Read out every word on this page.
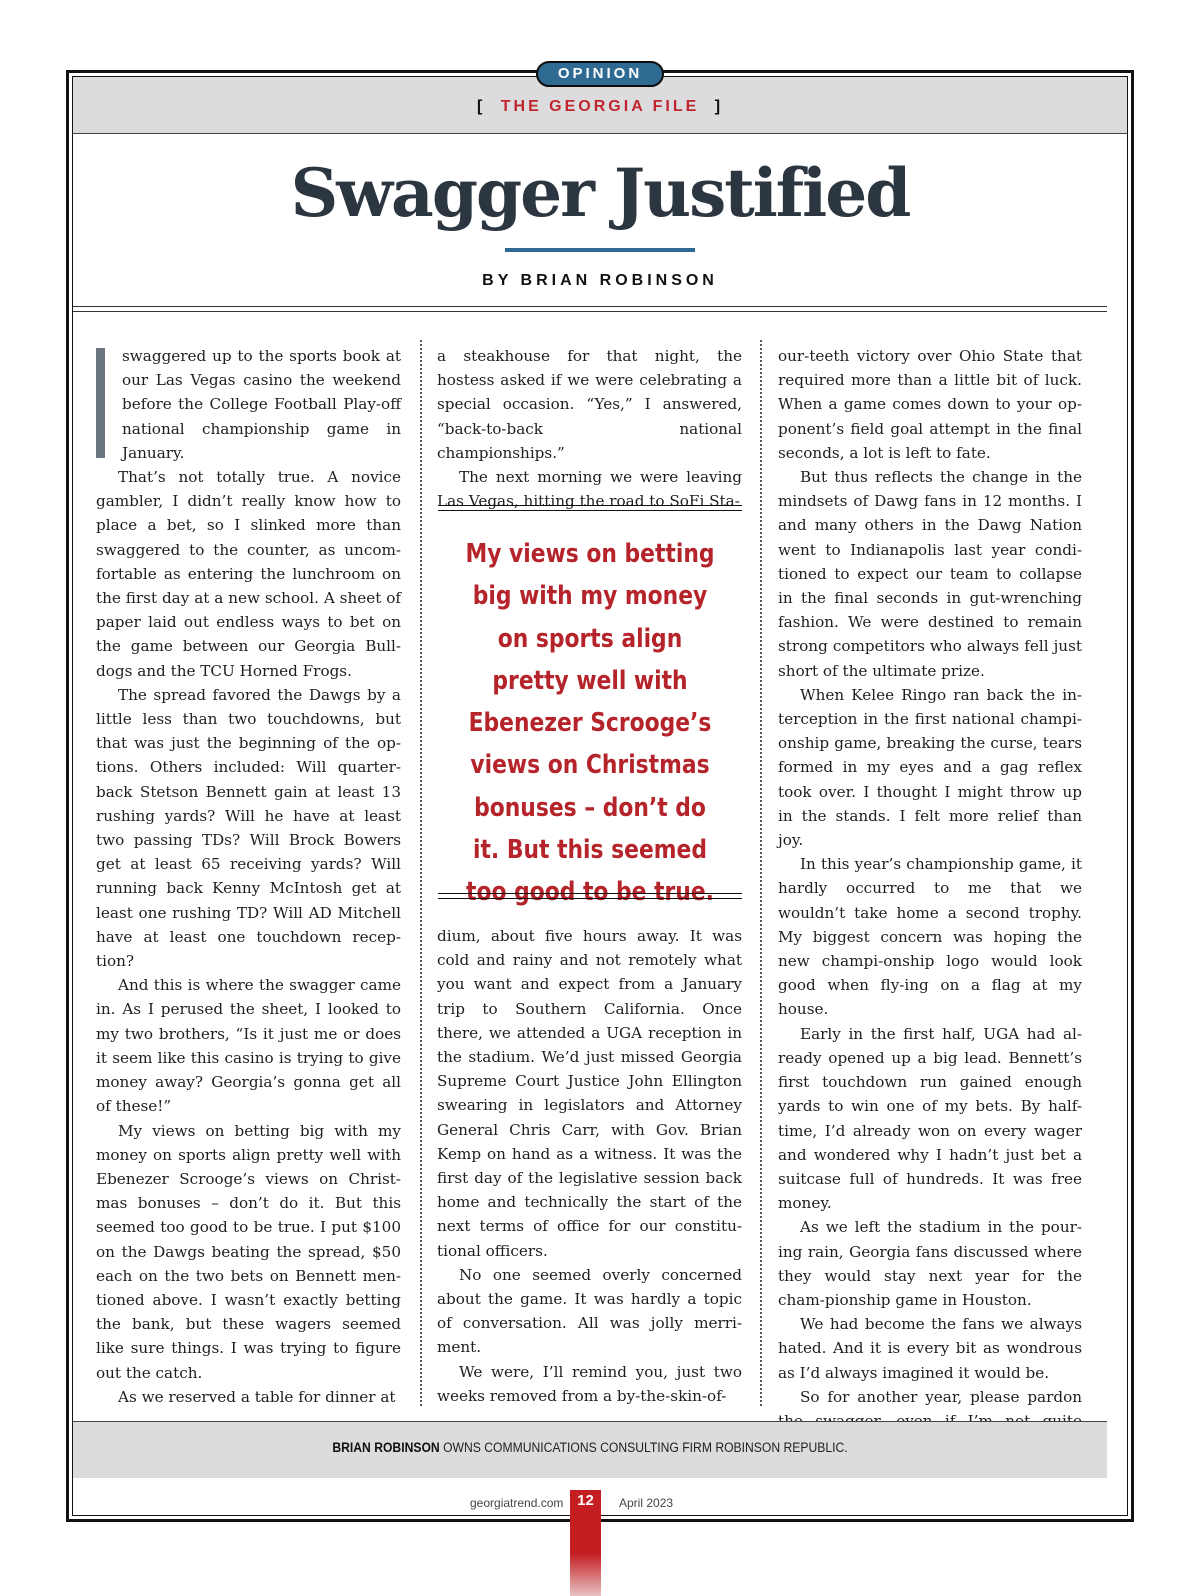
OPINION
[ THE GEORGIA FILE ]
Swagger Justified
BY BRIAN ROBINSON

swaggered up to the sports book at our Las Vegas casino the weekend before the College Football Play-off national championship game in January.

That’s not totally true. A novice gambler, I didn’t really know how to place a bet, so I slinked more than swaggered to the counter, as uncom-fortable as entering the lunchroom on the first day at a new school. A sheet of paper laid out endless ways to bet on the game between our Georgia Bull-dogs and the TCU Horned Frogs.

The spread favored the Dawgs by a little less than two touchdowns, but that was just the beginning of the op-tions. Others included: Will quarter-back Stetson Bennett gain at least 13 rushing yards? Will he have at least two passing TDs? Will Brock Bowers get at least 65 receiving yards? Will running back Kenny McIntosh get at least one rushing TD? Will AD Mitchell have at least one touchdown recep-tion?

And this is where the swagger came in. As I perused the sheet, I looked to my two brothers, “Is it just me or does it seem like this casino is trying to give money away? Georgia’s gonna get all of these!”

My views on betting big with my money on sports align pretty well with Ebenezer Scrooge’s views on Christ-mas bonuses – don’t do it. But this seemed too good to be true. I put $100 on the Dawgs beating the spread, $50 each on the two bets on Bennett men-tioned above. I wasn’t exactly betting the bank, but these wagers seemed like sure things. I was trying to figure out the catch.

As we reserved a table for dinner at

a steakhouse for that night, the hostess asked if we were celebrating a special occasion. “Yes,” I answered, “back-to-back national championships.”

The next morning we were leaving Las Vegas, hitting the road to SoFi Sta-

My views on betting big with my money on sports align pretty well with Ebenezer Scrooge’s views on Christmas bonuses – don’t do it. But this seemed too good to be true.

dium, about five hours away. It was cold and rainy and not remotely what you want and expect from a January trip to Southern California. Once there, we attended a UGA reception in the stadium. We’d just missed Georgia Supreme Court Justice John Ellington swearing in legislators and Attorney General Chris Carr, with Gov. Brian Kemp on hand as a witness. It was the first day of the legislative session back home and technically the start of the next terms of office for our constitu-tional officers.

No one seemed overly concerned about the game. It was hardly a topic of conversation. All was jolly merri-ment.

We were, I’ll remind you, just two weeks removed from a by-the-skin-of-

our-teeth victory over Ohio State that required more than a little bit of luck. When a game comes down to your op-ponent’s field goal attempt in the final seconds, a lot is left to fate.

But thus reflects the change in the mindsets of Dawg fans in 12 months. I and many others in the Dawg Nation went to Indianapolis last year condi-tioned to expect our team to collapse in the final seconds in gut-wrenching fashion. We were destined to remain strong competitors who always fell just short of the ultimate prize.

When Kelee Ringo ran back the in-terception in the first national champi-onship game, breaking the curse, tears formed in my eyes and a gag reflex took over. I thought I might throw up in the stands. I felt more relief than joy.

In this year’s championship game, it hardly occurred to me that we wouldn’t take home a second trophy. My biggest concern was hoping the new champi-onship logo would look good when fly-ing on a flag at my house.

Early in the first half, UGA had al-ready opened up a big lead. Bennett’s first touchdown run gained enough yards to win one of my bets. By half-time, I’d already won on every wager and wondered why I hadn’t just bet a suitcase full of hundreds. It was free money.

As we left the stadium in the pour-ing rain, Georgia fans discussed where they would stay next year for the cham-pionship game in Houston.

We had become the fans we always hated. And it is every bit as wondrous as I’d always imagined it would be.

So for another year, please pardon

BRIAN ROBINSON OWNS COMMUNICATIONS CONSULTING FIRM ROBINSON REPUBLIC.
georgiatrend.com 12	April 2023
